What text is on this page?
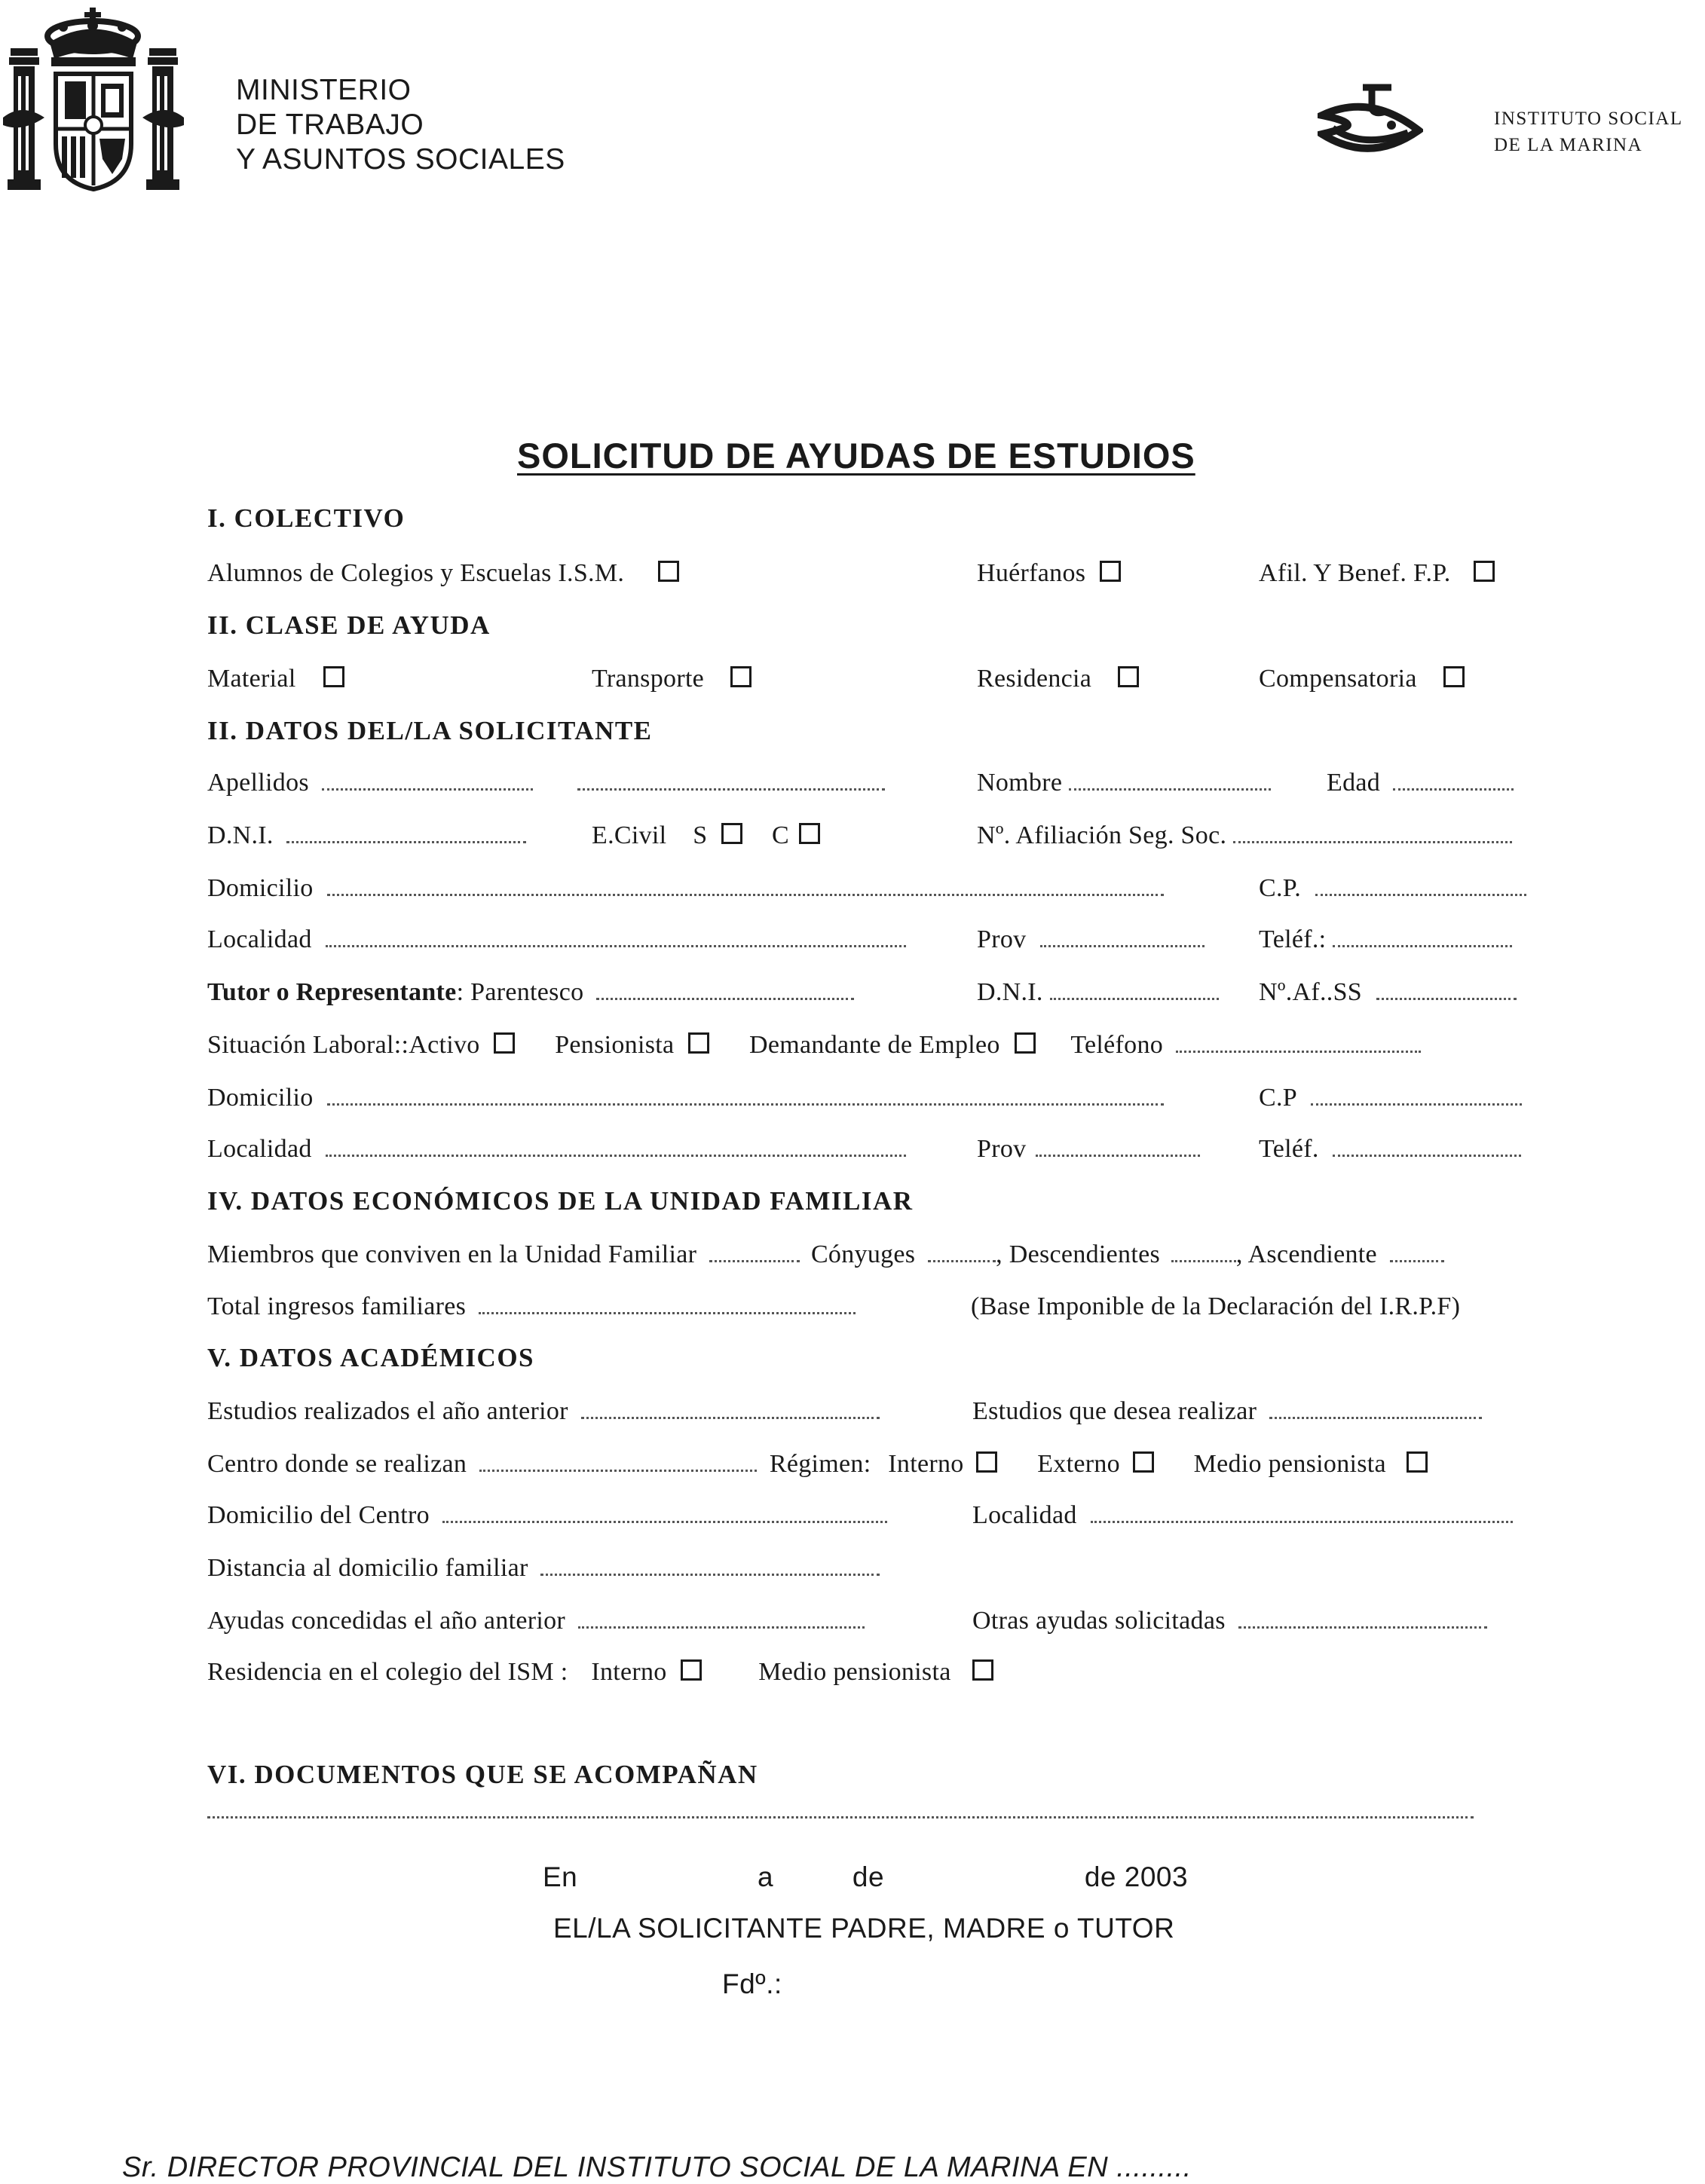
MINISTERIO
DE TRABAJO
Y ASUNTOS SOCIALES
INSTITUTO SOCIAL
DE LA MARINA
SOLICITUD DE AYUDAS DE ESTUDIOS
I. COLECTIVO
Alumnos de Colegios y Escuelas I.S.M.	Huérfanos	Afil. Y Benef. F.P.
II. CLASE DE AYUDA
Material	Transporte	Residencia	Compensatoria
II. DATOS DEL/LA SOLICITANTE
Apellidos	Nombre	Edad
D.N.I.	E.Civil S	C	Nº. Afiliación Seg. Soc.
Domicilio	C.P.
Localidad	Prov	Teléf.:
Tutor o Representante: Parentesco	D.N.I.	Nº.Af..SS
Situación Laboral::Activo	Pensionista	Demandante de Empleo	Teléfono
Domicilio	C.P
Localidad	Prov	Teléf.
IV. DATOS ECONÓMICOS DE LA UNIDAD FAMILIAR
Miembros que conviven en la Unidad Familiar	Cónyuges	, Descendientes	, Ascendiente
Total ingresos familiares	(Base Imponible de la Declaración del I.R.P.F)
V. DATOS ACADÉMICOS
Estudios realizados el año anterior	Estudios que desea realizar
Centro donde se realizan	Régimen: Interno	Externo	Medio pensionista
Domicilio del Centro	Localidad
Distancia al domicilio familiar
Ayudas concedidas el año anterior	Otras ayudas solicitadas
Residencia en el colegio del ISM : Interno	Medio pensionista
VI. DOCUMENTOS QUE SE ACOMPAÑAN
En	a	de	de 2003
EL/LA SOLICITANTE PADRE, MADRE o TUTOR
Fdº.:
Sr. DIRECTOR PROVINCIAL DEL INSTITUTO SOCIAL DE LA MARINA EN .........
